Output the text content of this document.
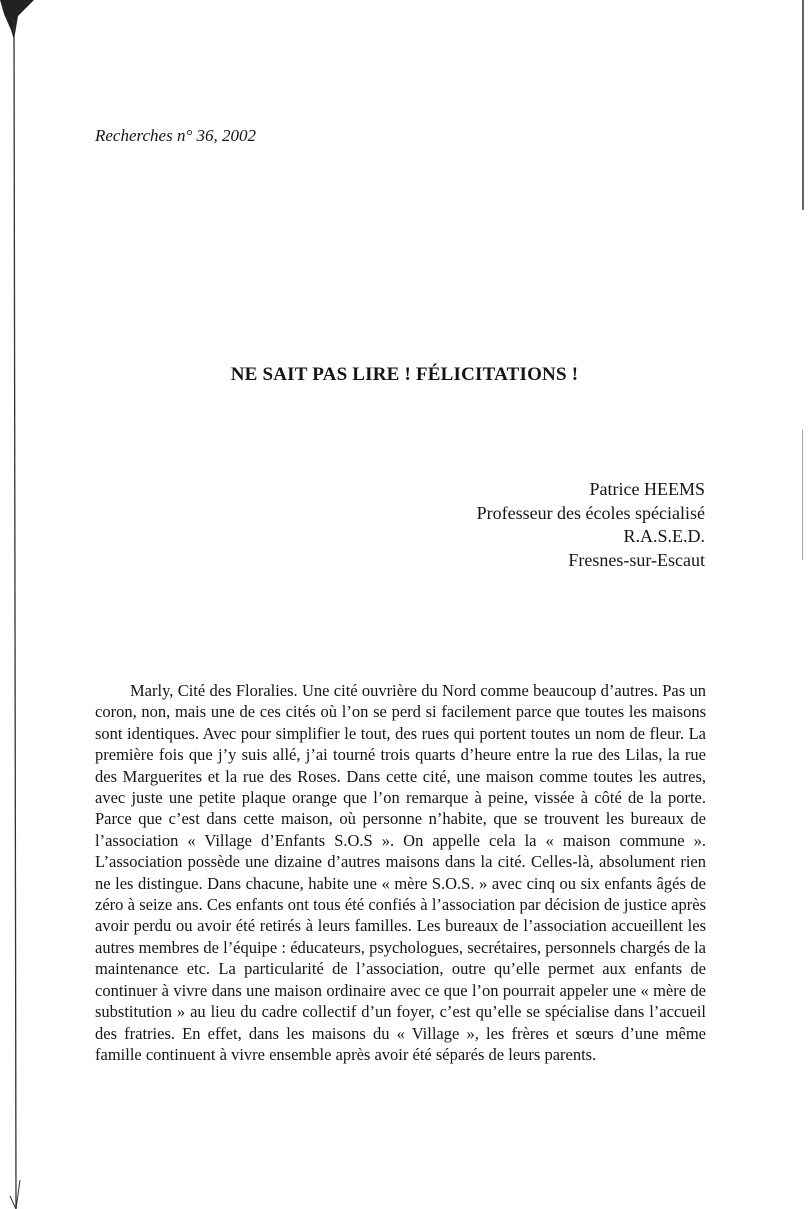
Recherches n° 36, 2002
NE SAIT PAS LIRE ! FÉLICITATIONS !
Patrice HEEMS
Professeur des écoles spécialisé
R.A.S.E.D.
Fresnes-sur-Escaut

Marly, Cité des Floralies. Une cité ouvrière du Nord comme beaucoup d’autres. Pas un coron, non, mais une de ces cités où l’on se perd si facilement parce que toutes les maisons sont identiques. Avec pour simplifier le tout, des rues qui portent toutes un nom de fleur. La première fois que j’y suis allé, j’ai tourné trois quarts d’heure entre la rue des Lilas, la rue des Marguerites et la rue des Roses. Dans cette cité, une maison comme toutes les autres, avec juste une petite plaque orange que l’on remarque à peine, vissée à côté de la porte. Parce que c’est dans cette maison, où personne n’habite, que se trouvent les bureaux de l’association « Village d’Enfants S.O.S ». On appelle cela la « maison commune ». L’association possède une dizaine d’autres maisons dans la cité. Celles-là, absolument rien ne les distingue. Dans chacune, habite une « mère S.O.S. » avec cinq ou six enfants âgés de zéro à seize ans. Ces enfants ont tous été confiés à l’association par décision de justice après avoir perdu ou avoir été retirés à leurs familles. Les bureaux de l’association accueillent les autres membres de l’équipe : éducateurs, psychologues, secrétaires, personnels chargés de la maintenance etc. La particularité de l’association, outre qu’elle permet aux enfants de continuer à vivre dans une maison ordinaire avec ce que l’on pourrait appeler une « mère de substitution » au lieu du cadre collectif d’un foyer, c’est qu’elle se spécialise dans l’accueil des fratries. En effet, dans les maisons du « Village », les frères et sœurs d’une même famille continuent à vivre ensemble après avoir été séparés de leurs parents.
